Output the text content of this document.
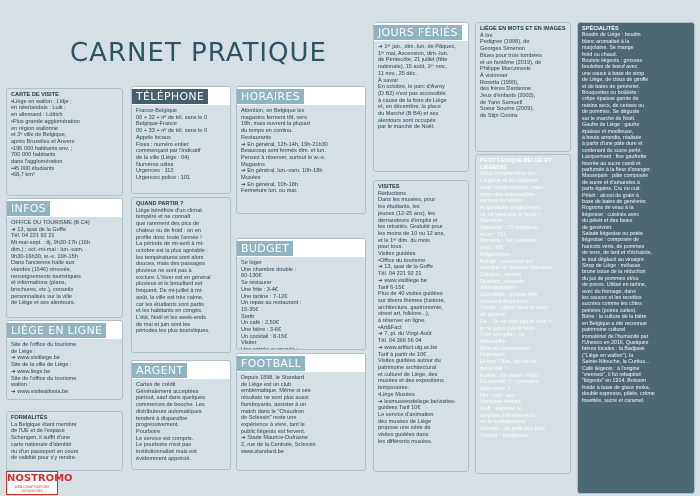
CARNET PRATIQUE
CARTE DE VISITE
•Liège en wallon : Lîdje ;
en néerlandais : Luik ;
en allemand : Lüttich
•Plus grande agglomération
en région wallonne
et 3ᵉ ville de Belgique,
après Bruxelles et Anvers
•195 000 habitants env. ;
700 000 habitants
dans l'agglomération
•45 000 étudiants
•68,7 km²
INFOS
OFFICE DU TOURISME (B C4)
➔ 13, quai de la Goffe
Tél. 04 221 92 21
Mi-mai-sept. : tlj, 9h30-17h (16h
dim.) ; oct.-mi-mai : lun.-sam.
9h30-16h30, w.-e. 10h-15h
Dans l'ancienne halle aux
viandes (1546) rénovée,
renseignements touristiques
et informations (plans,
brochures, etc.), conseils
personnalisés sur la ville
de Liège et ses alentours.
LIÈGE EN LIGNE
Site de l'office du tourisme
de Liège :
➔ www.visitliege.be
Site de la ville de Liège :
➔ www.liege.be
Site de l'office du tourisme
wallon :
➔ www.visitwallonia.be
FORMALITÉS
La Belgique étant membre
de l'UE et de l'espace
Schengen, il suffit d'une
carte nationale d'identité
ou d'un passeport en cours
de validité pour s'y rendre.
NOSTROMO
WEB-COMPTOIR DES VOYAGEURS
TÉLÉPHONE
France-Belgique
00 + 32 + nº de tél. sans le 0
Belgique-France
00 + 33 + nº de tél. sans le 0
Appels locaux
Fixes : numéro entier
commençant par l'indicatif
de la ville (Liège : 04)
Numéros utiles
Urgences : 112
Urgences police : 101
QUAND PARTIR ?
Liège bénéficie d'un climat
tempéré et ne connaît
que rarement des pics de
chaleur ou de froid : on en
profite donc toute l'année !
La période de mi-avril à mi-
octobre est la plus agréable :
les températures sont alors
douces, mais des passages
pluvieux ne sont pas à
exclure. L'hiver est en général
pluvieux et le brouillard est
fréquent. De mi-juillet à mi-
août, la ville est très calme,
car les étudiants sont partis
et les habitants en congés.
L'été, Noël et les week-ends
de mai et juin sont les
périodes les plus touristiques.
ARGENT
Cartes de crédit
Généralement acceptées
partout, sauf dans quelques
commerces de bouche. Les
distributeurs automatiques
tendent à disparaître
progressivement.
Pourboire
Le service est compris.
Le pourboire n'est pas
institutionnalisé mais est
évidemment apprécié.
HORAIRES
Attention, en Belgique les
magasins ferment tôt, vers
18h, mais ouvrent la plupart
du temps en continu.
Restaurants
➔ En général, 12h-14h, 19h-21h30
Beaucoup sont fermés dim. et lun.
Pensez à réserver, surtout le w.-e.
Magasins
➔ En général, lun.-sam. 10h-18h
Musées
➔ En général, 10h-18h
Fermeture lun. ou mar.
BUDGET
Se loger
Une chambre double :
80-130€
Se restaurer
Une frite : 3-4€
Une tartine : 7-12€
Un repas au restaurant :
15-35€
Sortir
Un café : 2,50€
Une bière : 3-6€
Un cocktail : 8-15€
Visiter
FOOTBALL
Depuis 1898, le Standard
de Liège est un club
emblématique. Même si ses
résultats ne sont plus aussi
flamboyants, assister à un
match dans le "Chaudron
de Sclessin" reste une
expérience à vivre, tant le
public liégeois est fervent.
➔ Stade Maurice-Dufrasne
2, rue de la Centrale, Sclessin
www.standard.be
JOURS FÉRIÉS
➔ 1ᵉʳ jan., dim.-lun. de Pâques,
1ᵉʳ mai, Ascension, dim.-lun.
de Pentecôte, 21 juillet (fête
nationale), 15 août, 1ᵉʳ nov.,
11 nov., 25 déc.
À savoir
En octobre, le parc d'Avroy
(D B2) n'est pas accessible
à cause de la foire de Liège
et, en décembre, la place
du Marché (B B4) et ses
alentours sont occupés
par le marché de Noël.
VISITES
Réductions
Dans les musées, pour
les étudiants, les
jeunes (12-25 ans), les
demandeurs d'emploi et
les retraités. Gratuité pour
les moins de 10 ou 12 ans,
et le 1ᵉʳ dim. du mois
pour tous.
Visites guidées
•Office du tourisme
➔ 13, quai de la Goffe
Tél. 04 221 92 21
➔ www.visitliege.be
Tarif 6-15€
Plus de 40 visites guidées
sur divers thèmes (histoire,
architecture, gastronomie,
street art, folklore...),
à réserver en ligne.
•Art&Fact
➔ 7, pl. du Vingt-Août
Tél. 04 366 56 04
➔ www.artfact.ulg.ac.be
Tarif à partir de 10€
Visites guidées autour du
patrimoine architectural
et culturel de Liège, des
musées et des expositions
temporaires.
•Liège Musées
➔ lesmuseesdeliege.be/visites-
guidees Tarif 10€
Le service d'animation
des musées de Liège
propose une série de
visites guidées dans
les différents musées.
LIÈGE EN MOTS ET EN IMAGES
À lire
Pedigree (1998), de
Georges Simenon
Blues pour trois tombées
et un fantôme (2019), de
Philippe Marczewski
À visionner
Rosetta (1999),
des frères Dardenne
Jeux d'enfants (2003),
de Yann Samuell
Soeur Sourire (2009),
de Stijn Coninx
PETIT LEXIQUE BELGE ET LIÉGEOIS
Vous comprendrez les
Liégeois et les Liégeois
vous comprendront, mais,
entre des expressions
venues du wallon
et quelques belgicismes,
ce ne sera pas si facile !
Nombres
Septante : 70 (septante
et un : 71)
Nonante : 90 (nonante-
trois : 93)
Belgicismes
Baraki : personne qui
manque de bonnes manières
Chicons : endive
Dracher : pleuvoir
abondamment
Guindaille : grosse fête
(souvent étudiante)
Savoir : utilisé dans le sens
de pouvoir.
Ex. : Je ne sais pas le faire =
je ne peux pas le faire
Tirer son plan : se
débrouiller
Mots et expressions
liégeoises
Et bon ! Bon, qu'est-ce
qu'on fait ?
Èvôye : En route ! Parti !
Kè novelle ? : comment
allez-vous ?
Nin : non, pas
Nonnann instant
Ouft : exprime la
surprise, l'étonnement
ou le soulagement
Ravette : un petit peu plus
Sonner : téléphoner
SPÉCIALITÉS
Boudin de Liège : boudin
blanc aromatisé à la
marjolaine. Se mange
froid ou chaud.
Boulets liégeois : grosses
boulettes de bœuf avec
une sauce à base de sirop
de Liège, de clous de girofle
et de baies de genévrier.
Bouquettes ou boûkète :
crêpe épaisse garnie de
raisins secs, de cerises ou
de pommes. Se déguste
sur le marché de Noël.
Gaufre de Liège : gaufre
épaisse et moelleuse,
à bouts arrondis, réalisée
à partir d'une pâte dure et
contenant du sucre perlé.
Lacquemant : fine gaufrette
fourrée au sucre candi et
parfumée à la fleur d'oranger.
Massepain : pâte composée
de sucre et d'amandes à
parts égales. Cru ou cuit.
Pèkèt : alcool de grain à
base de baies de genévrier.
Rognons de veau à la
liégeoise : cuisinés avec
du pékèt et des baies
de genévrier.
Salade liégeoise ou potée
liégeoise : composée de
haricots verts, de pommes
de terre, de lard et d'échalote,
le tout déglacé au vinaigre.
Sirop de Liège : mélasse
brune issue de la réduction
du jus de pommes et/ou
de poires. Utilisé en tartine,
avec du fromage, dans
les sauces et les recettes
sucrées comme les côtes
peinées (poires cuites).
Bière : la culture de la bière
en Belgique a été reconnue
patrimoine culturel
immatériel de l'humanité par
l'Unesco en 2016. Quelques
bières locales : la Badjawe
("Liège en wallon"), la
Sainte-Nitouche, la Curtius...
Café liégeois : à l'origine
"viennois", il fut rebaptisé
"liégeois" en 1914. Boisson
froide à base de glace moka,
double espresso, pâtée, crème
fouettée, sucre et caramel.
